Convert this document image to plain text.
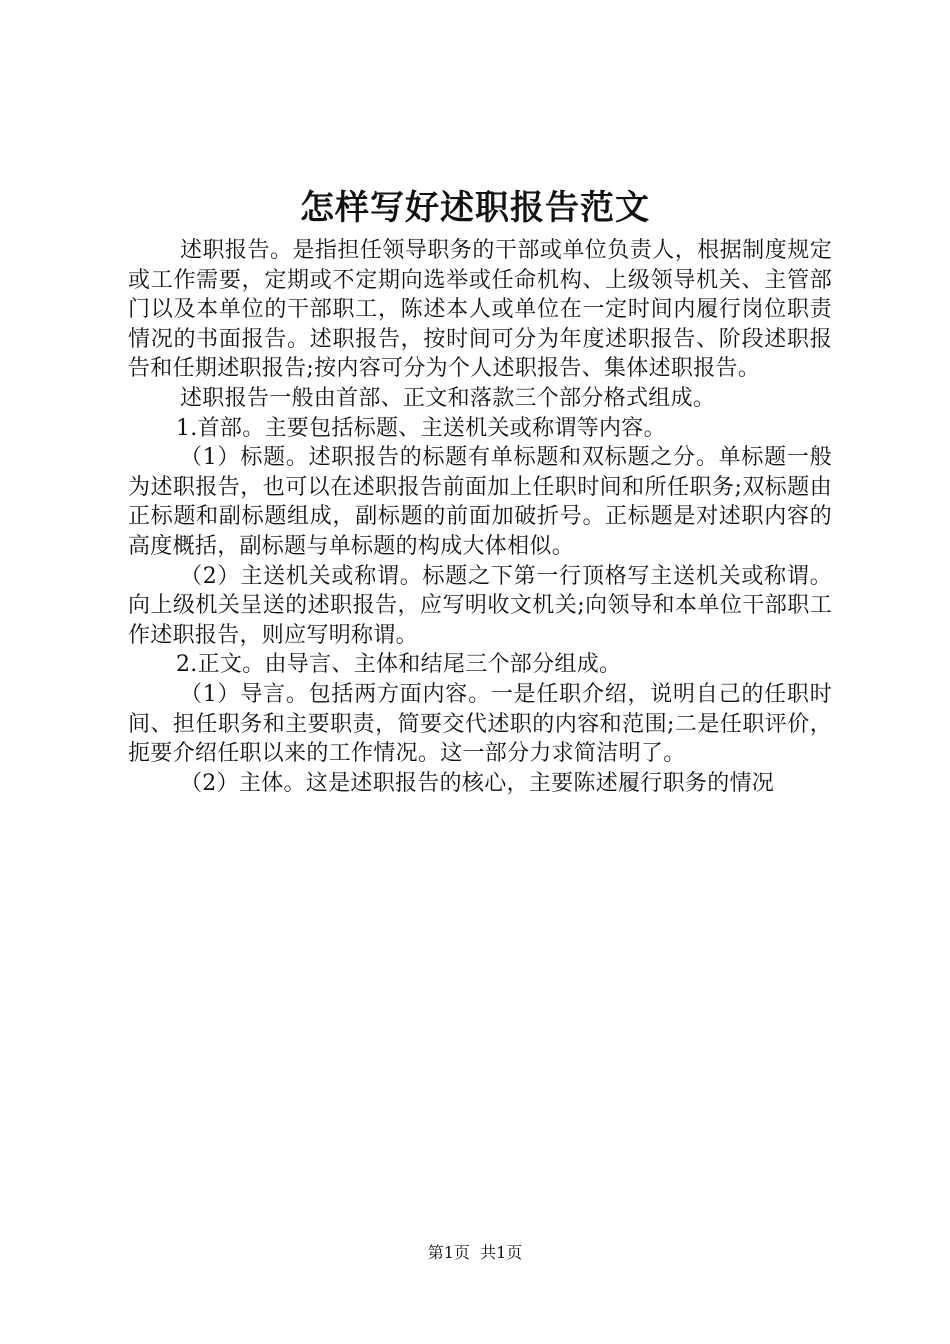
怎样写好述职报告范文

述职报告。是指担任领导职务的干部或单位负责人，根据制度规定或工作需要，定期或不定期向选举或任命机构、上级领导机关、主管部门以及本单位的干部职工，陈述本人或单位在一定时间内履行岗位职责情况的书面报告。述职报告，按时间可分为年度述职报告、阶段述职报告和任期述职报告;按内容可分为个人述职报告、集体述职报告。

述职报告一般由首部、正文和落款三个部分格式组成。

1.首部。主要包括标题、主送机关或称谓等内容。

（1）标题。述职报告的标题有单标题和双标题之分。单标题一般为述职报告，也可以在述职报告前面加上任职时间和所任职务;双标题由正标题和副标题组成，副标题的前面加破折号。正标题是对述职内容的高度概括，副标题与单标题的构成大体相似。

（2）主送机关或称谓。标题之下第一行顶格写主送机关或称谓。向上级机关呈送的述职报告，应写明收文机关;向领导和本单位干部职工作述职报告，则应写明称谓。

2.正文。由导言、主体和结尾三个部分组成。

（1）导言。包括两方面内容。一是任职介绍，说明自己的任职时间、担任职务和主要职责，简要交代述职的内容和范围;二是任职评价，扼要介绍任职以来的工作情况。这一部分力求简洁明了。

（2）主体。这是述职报告的核心，主要陈述履行职务的情况

第1页  共1页
